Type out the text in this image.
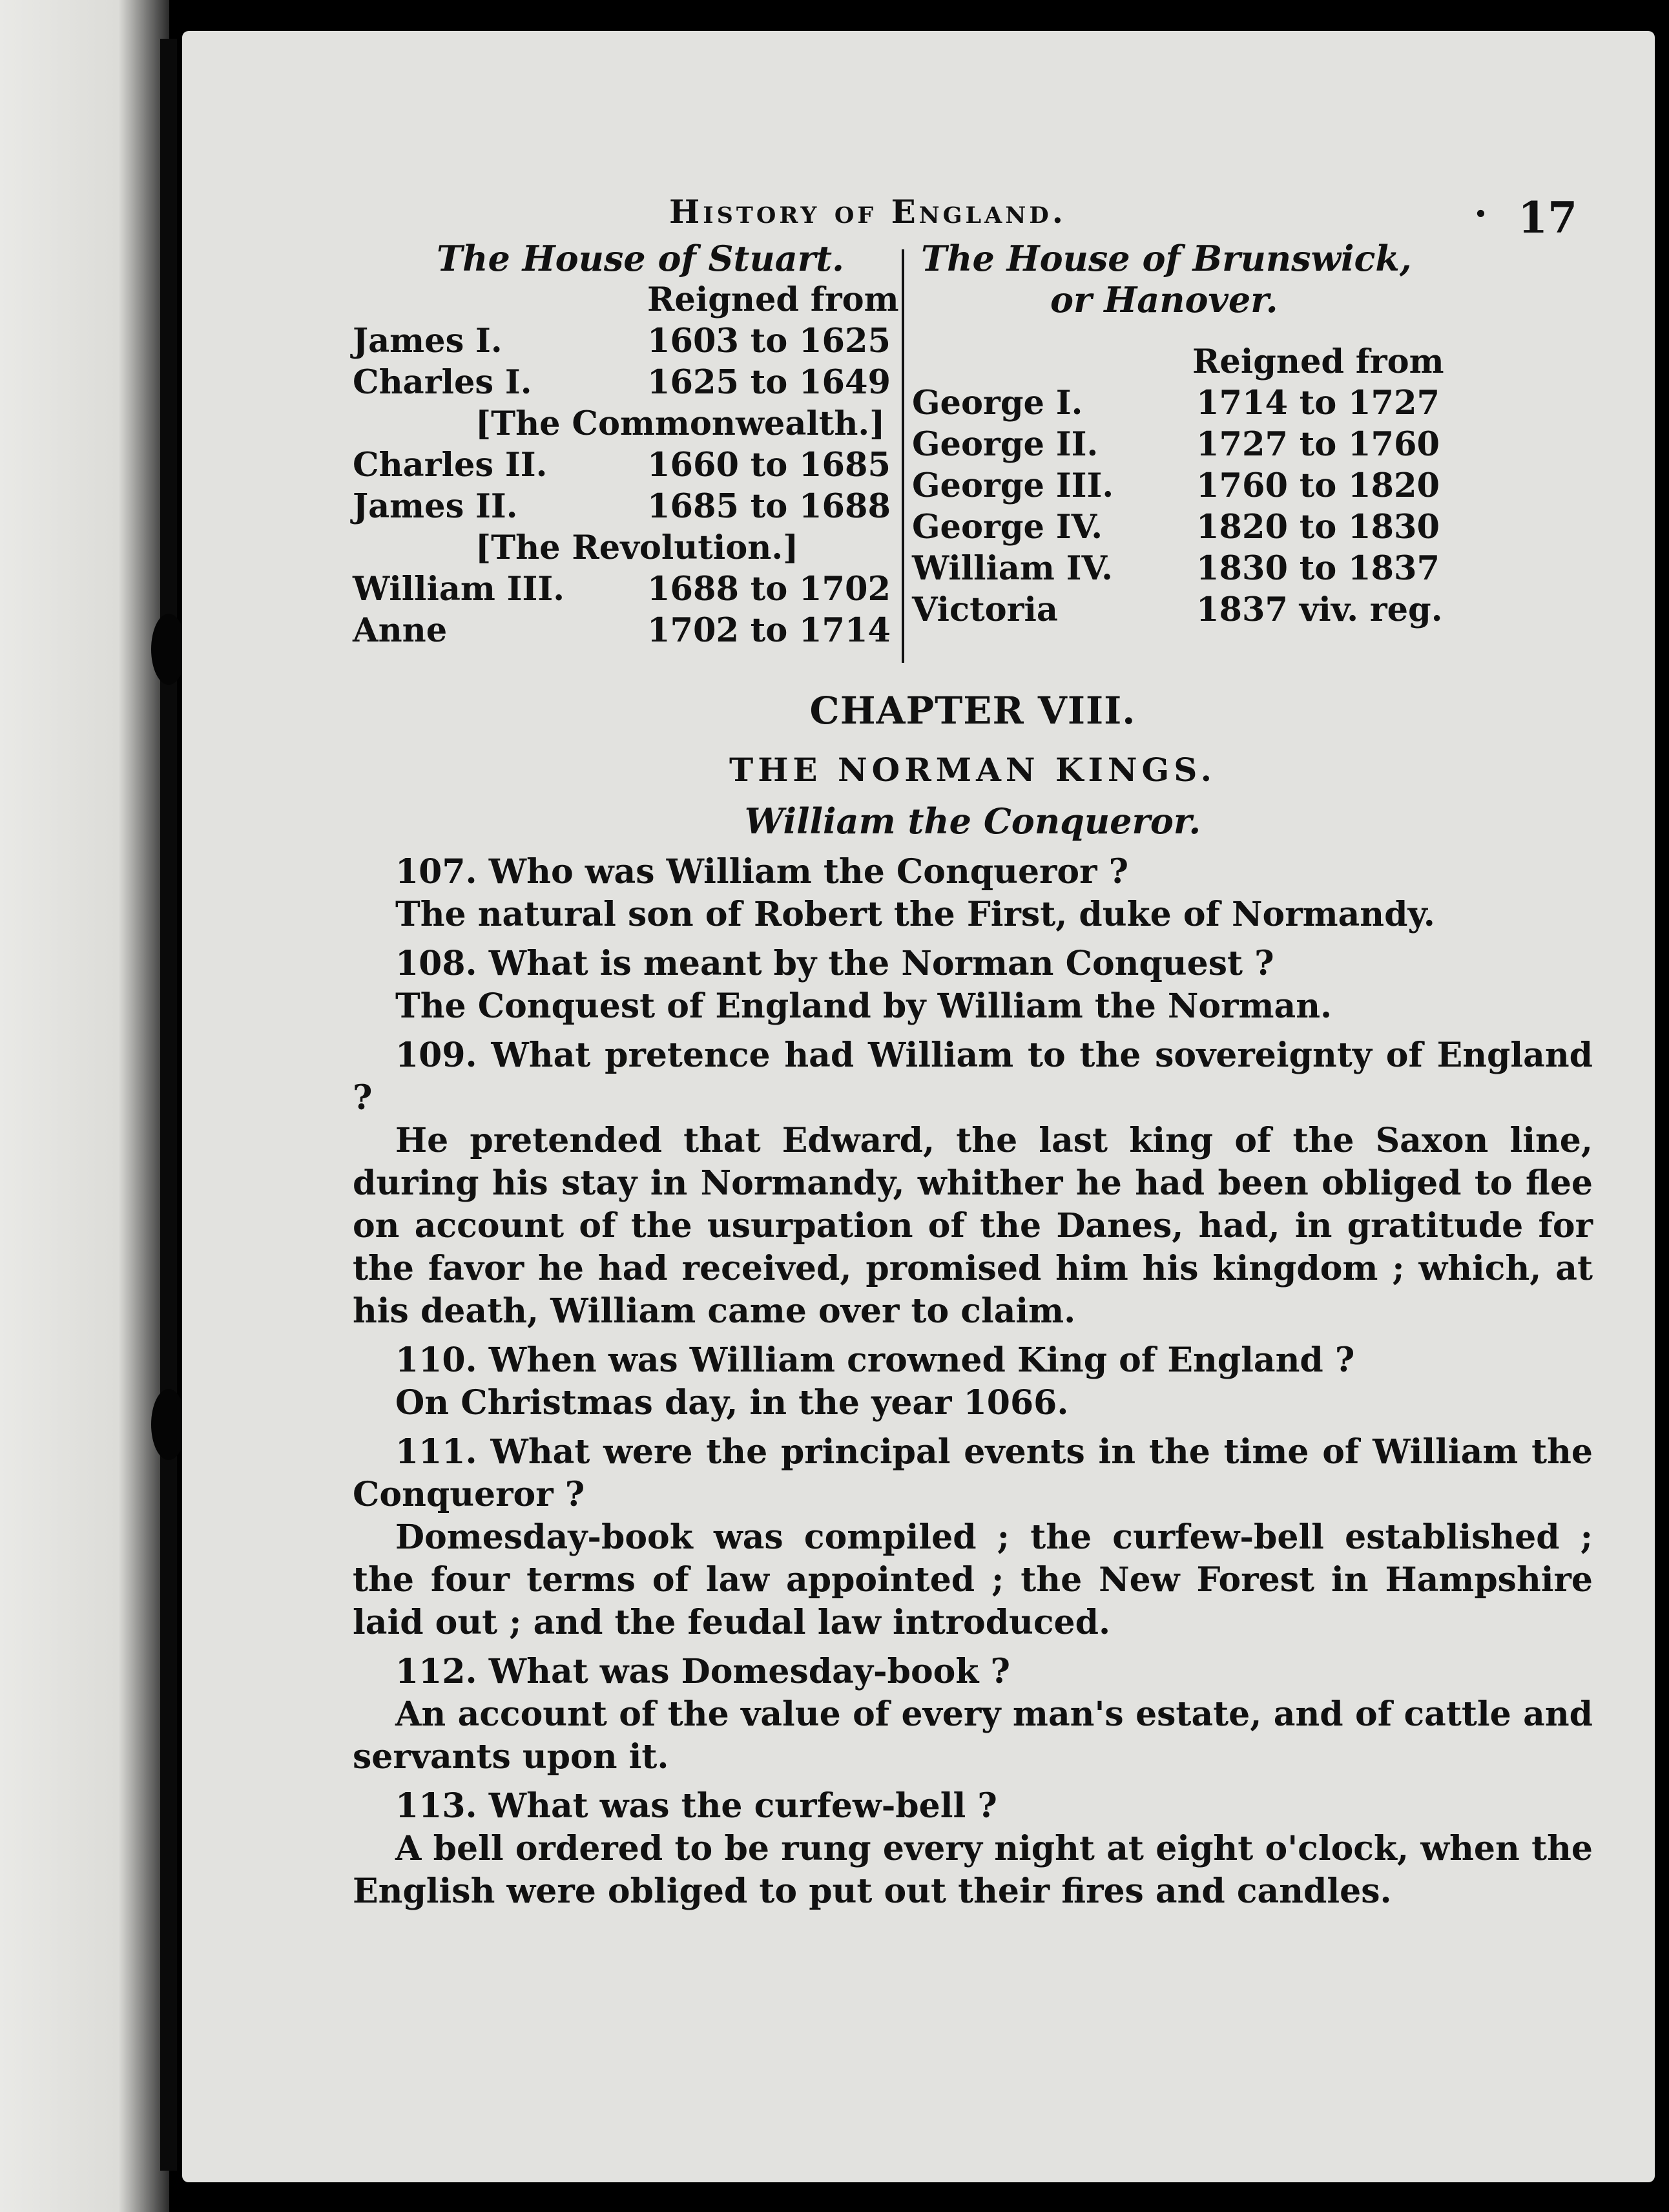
History of England.	. 17
The House of Stuart.
Reigned from
James I.	1603 to 1625
Charles I.	1625 to 1649
[The Commonwealth.]
Charles II.	1660 to 1685
James II.	1685 to 1688
[The Revolution.]
William III.	1688 to 1702
Anne	1702 to 1714
The House of Brunswick,
or Hanover.
Reigned from
George I.	1714 to 1727
George II.	1727 to 1760
George III.	1760 to 1820
George IV.	1820 to 1830
William IV.	1830 to 1837
Victoria	1837 viv. reg.
CHAPTER VIII.
THE NORMAN KINGS.
William the Conqueror.

107. Who was William the Conqueror ?

The natural son of Robert the First, duke of Normandy.

108. What is meant by the Norman Conquest ?

The Conquest of England by William the Norman.

109. What pretence had William to the sovereignty of England ?

He pretended that Edward, the last king of the Saxon line, during his stay in Normandy, whither he had been obliged to flee on account of the usurpation of the Danes, had, in gratitude for the favor he had received, promised him his kingdom ; which, at his death, William came over to claim.

110. When was William crowned King of England ?

On Christmas day, in the year 1066.

111. What were the principal events in the time of William the Conqueror ?

Domesday-book was compiled ; the curfew-bell established ; the four terms of law appointed ; the New Forest in Hampshire laid out ; and the feudal law introduced.

112. What was Domesday-book ?

An account of the value of every man's estate, and of cattle and servants upon it.

113. What was the curfew-bell ?

A bell ordered to be rung every night at eight o'clock, when the English were obliged to put out their fires and candles.
